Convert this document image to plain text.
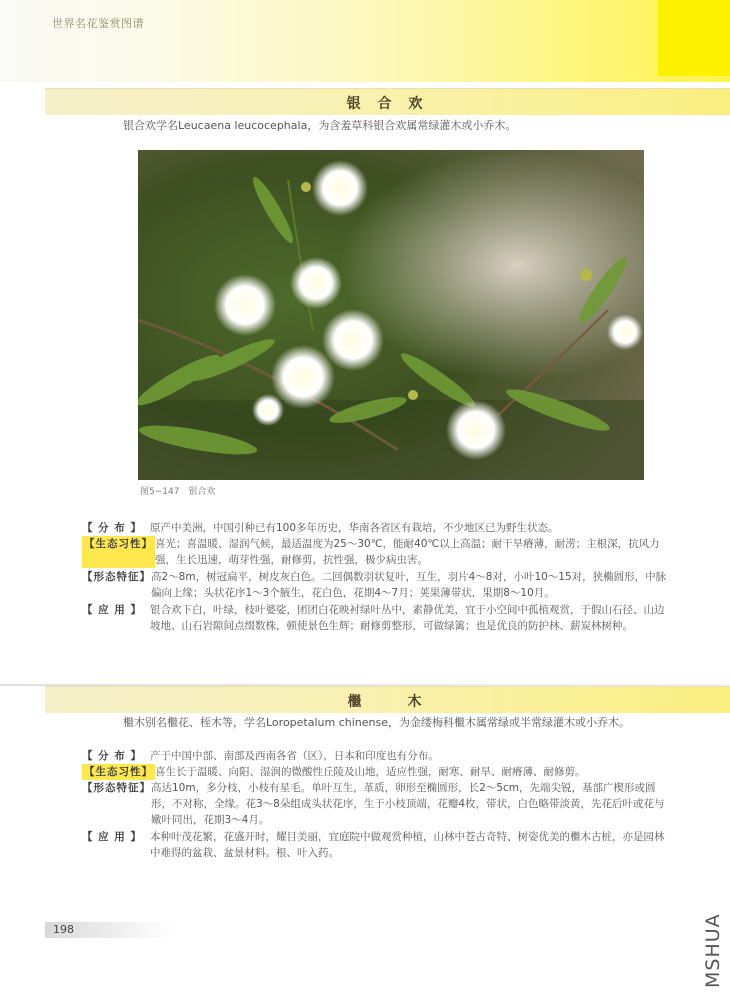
世界名花鉴赏图谱
银 合 欢
银合欢学名Leucaena leucocephala，为含羞草科银合欢属常绿灌木或小乔木。
图5−147　银合欢
【 分 布 】 原产中美洲，中国引种已有100多年历史，华南各省区有栽培，不少地区已为野生状态。
【生态习性】 喜光；喜温暖、湿润气候，最适温度为25～30℃，能耐40℃以上高温；耐干旱瘠薄，耐涝；主根深，抗风力强，生长迅速，萌芽性强，耐修剪，抗性强，极少病虫害。
【形态特征】 高2～8m，树冠扁平，树皮灰白色。二回偶数羽状复叶，互生，羽片4～8对，小叶10～15对，狭椭圆形，中脉偏向上缘；头状花序1～3个腋生，花白色，花期4～7月；荚果薄带状，果期8～10月。
【 应 用 】 银合欢下白，叶绿，枝叶婆娑，团团白花映衬绿叶丛中，素静优美，宜于小空间中孤植观赏，于假山石径、山边坡地、山石岩隙间点缀数株，顿使景色生辉；耐修剪整形，可做绿篱；也是优良的防护林、薪炭林树种。
檵　　木
檵木别名檵花、桎木等，学名Loropetalum chinense，为金缕梅科檵木属常绿或半常绿灌木或小乔木。
【 分 布 】 产于中国中部、南部及西南各省（区），日本和印度也有分布。
【生态习性】 喜生长于温暖、向阳、湿润的微酸性丘陵及山地，适应性强，耐寒、耐旱、耐瘠薄、耐修剪。
【形态特征】 高达10m，多分枝，小枝有星毛。单叶互生，革质，卵形至椭圆形，长2～5cm，先端尖锐，基部广楔形或圆形，不对称，全缘。花3～8朵组成头状花序，生于小枝顶端，花瓣4枚，带状，白色略带淡黄，先花后叶或花与嫩叶同出，花期3～4月。
【 应 用 】 本种叶茂花繁，花盛开时，耀目美丽，宜庭院中做观赏种植，山林中苍古奇特、树姿优美的檵木古桩，亦是园林中难得的盆栽、盆景材料。根、叶入药。
198	MSHUA
